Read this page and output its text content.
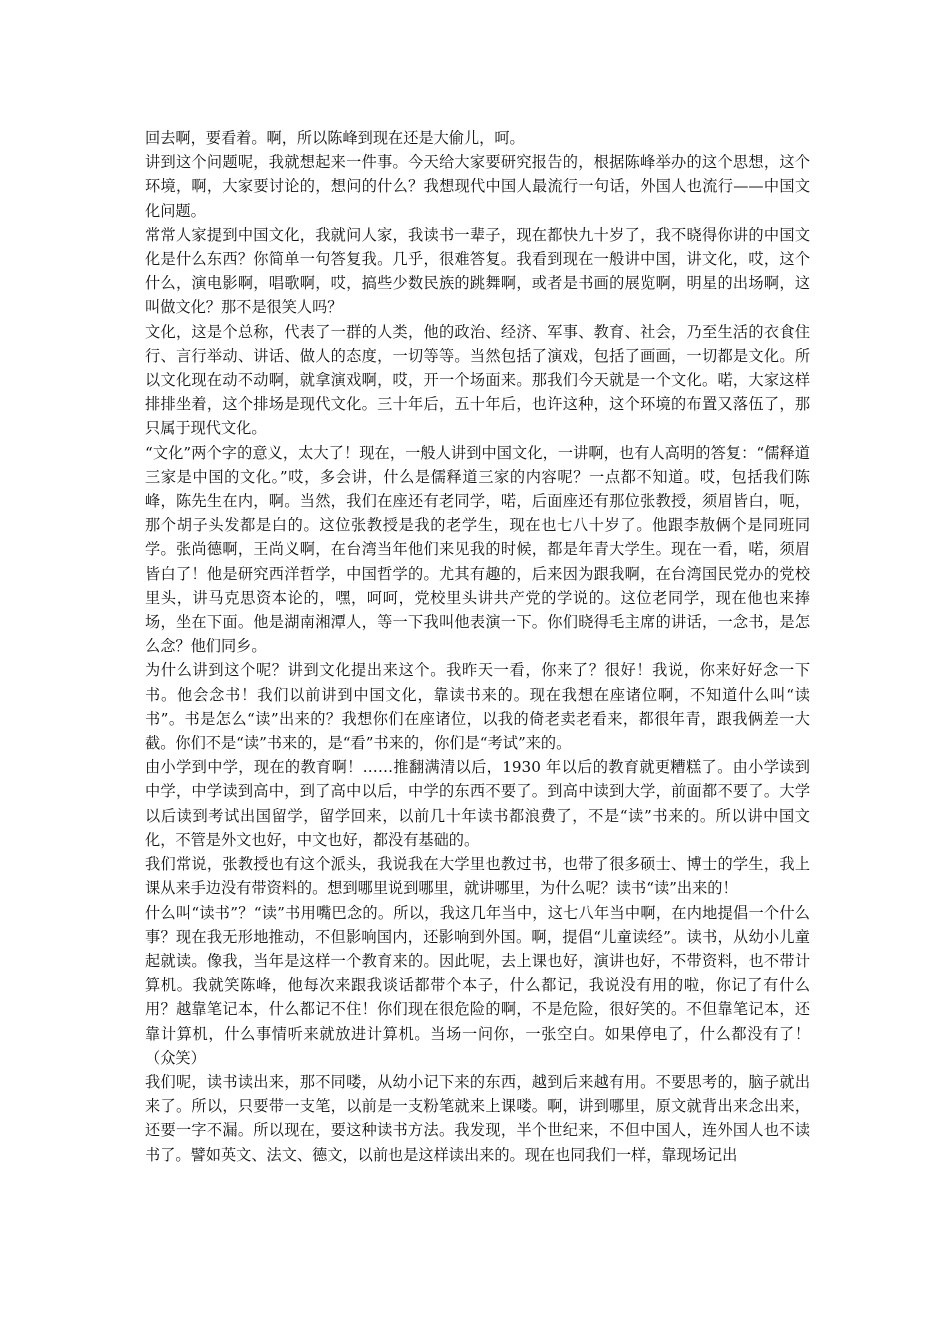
回去啊，要看着。啊，所以陈峰到现在还是大偷儿，呵。

讲到这个问题呢，我就想起来一件事。今天给大家要研究报告的，根据陈峰举办的这个思想，这个环境，啊，大家要讨论的，想问的什么？我想现代中国人最流行一句话，外国人也流行——中国文化问题。

常常人家提到中国文化，我就问人家，我读书一辈子，现在都快九十岁了，我不晓得你讲的中国文化是什么东西？你简单一句答复我。几乎，很难答复。我看到现在一般讲中国，讲文化，哎，这个什么，演电影啊，唱歌啊，哎，搞些少数民族的跳舞啊，或者是书画的展览啊，明星的出场啊，这叫做文化？那不是很笑人吗？

文化，这是个总称，代表了一群的人类，他的政治、经济、军事、教育、社会，乃至生活的衣食住行、言行举动、讲话、做人的态度，一切等等。当然包括了演戏，包括了画画，一切都是文化。所以文化现在动不动啊，就拿演戏啊，哎，开一个场面来。那我们今天就是一个文化。喏，大家这样排排坐着，这个排场是现代文化。三十年后，五十年后，也许这种，这个环境的布置又落伍了，那只属于现代文化。

“文化”两个字的意义，太大了！现在，一般人讲到中国文化，一讲啊，也有人高明的答复：“儒释道三家是中国的文化。”哎，多会讲，什么是儒释道三家的内容呢？一点都不知道。哎，包括我们陈峰，陈先生在内，啊。当然，我们在座还有老同学，喏，后面座还有那位张教授，须眉皆白，呃，那个胡子头发都是白的。这位张教授是我的老学生，现在也七八十岁了。他跟李敖俩个是同班同学。张尚德啊，王尚义啊，在台湾当年他们来见我的时候，都是年青大学生。现在一看，喏，须眉皆白了！他是研究西洋哲学，中国哲学的。尤其有趣的，后来因为跟我啊，在台湾国民党办的党校里头，讲马克思资本论的，嘿，呵呵，党校里头讲共产党的学说的。这位老同学，现在他也来捧场，坐在下面。他是湖南湘潭人，等一下我叫他表演一下。你们晓得毛主席的讲话，一念书，是怎么念？他们同乡。

为什么讲到这个呢？讲到文化提出来这个。我昨天一看，你来了？很好！我说，你来好好念一下书。他会念书！我们以前讲到中国文化，靠读书来的。现在我想在座诸位啊，不知道什么叫“读书”。书是怎么“读”出来的？我想你们在座诸位，以我的倚老卖老看来，都很年青，跟我俩差一大截。你们不是“读”书来的，是“看”书来的，你们是“考试”来的。

由小学到中学，现在的教育啊！……推翻满清以后，1930 年以后的教育就更糟糕了。由小学读到中学，中学读到高中，到了高中以后，中学的东西不要了。到高中读到大学，前面都不要了。大学以后读到考试出国留学，留学回来，以前几十年读书都浪费了，不是“读”书来的。所以讲中国文化，不管是外文也好，中文也好，都没有基础的。

我们常说，张教授也有这个派头，我说我在大学里也教过书，也带了很多硕士、博士的学生，我上课从来手边没有带资料的。想到哪里说到哪里，就讲哪里，为什么呢？读书“读”出来的！

什么叫“读书”？“读”书用嘴巴念的。所以，我这几年当中，这七八年当中啊，在内地提倡一个什么事？现在我无形地推动，不但影响国内，还影响到外国。啊，提倡“儿童读经”。读书，从幼小儿童起就读。像我，当年是这样一个教育来的。因此呢，去上课也好，演讲也好，不带资料，也不带计算机。我就笑陈峰，他每次来跟我谈话都带个本子，什么都记，我说没有用的啦，你记了有什么用？越靠笔记本，什么都记不住！你们现在很危险的啊，不是危险，很好笑的。不但靠笔记本，还靠计算机，什么事情听来就放进计算机。当场一问你，一张空白。如果停电了，什么都没有了！（众笑）

我们呢，读书读出来，那不同喽，从幼小记下来的东西，越到后来越有用。不要思考的，脑子就出来了。所以，只要带一支笔，以前是一支粉笔就来上课喽。啊，讲到哪里，原文就背出来念出来，还要一字不漏。所以现在，要这种读书方法。我发现，半个世纪来，不但中国人，连外国人也不读书了。譬如英文、法文、德文，以前也是这样读出来的。现在也同我们一样，靠现场记出
